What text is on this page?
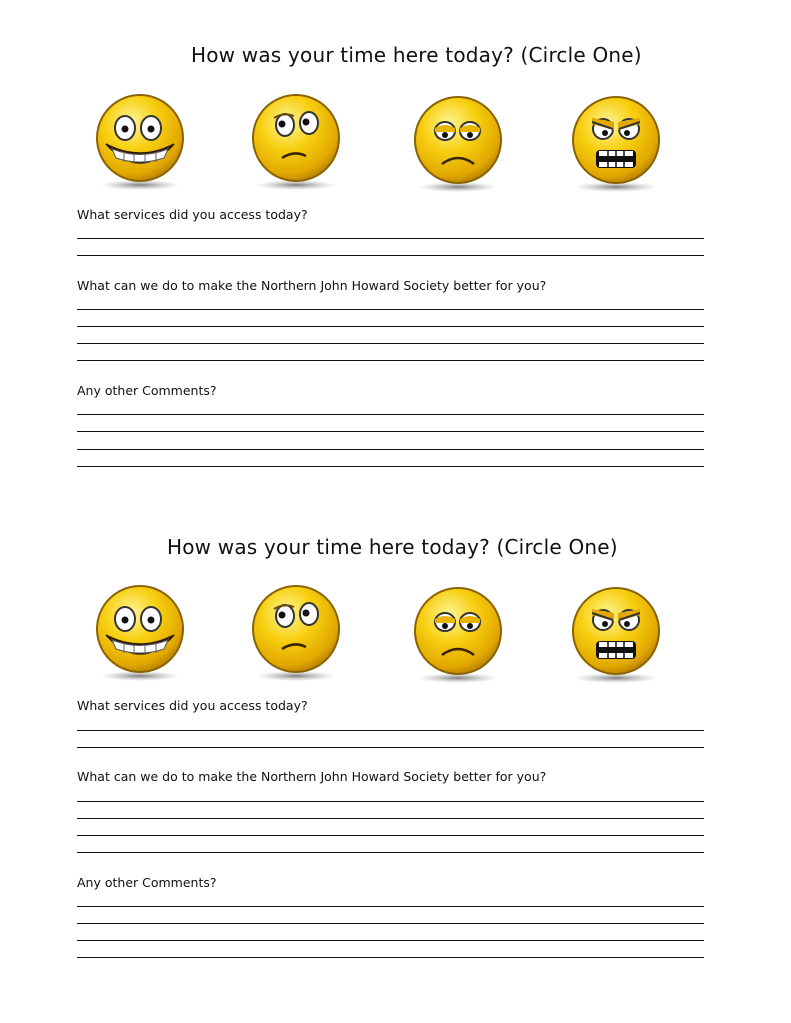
How was your time here today? (Circle One)
What services did you access today?
What can we do to make the Northern John Howard Society better for you?
Any other Comments?
How was your time here today? (Circle One)
What services did you access today?
What can we do to make the Northern John Howard Society better for you?
Any other Comments?
